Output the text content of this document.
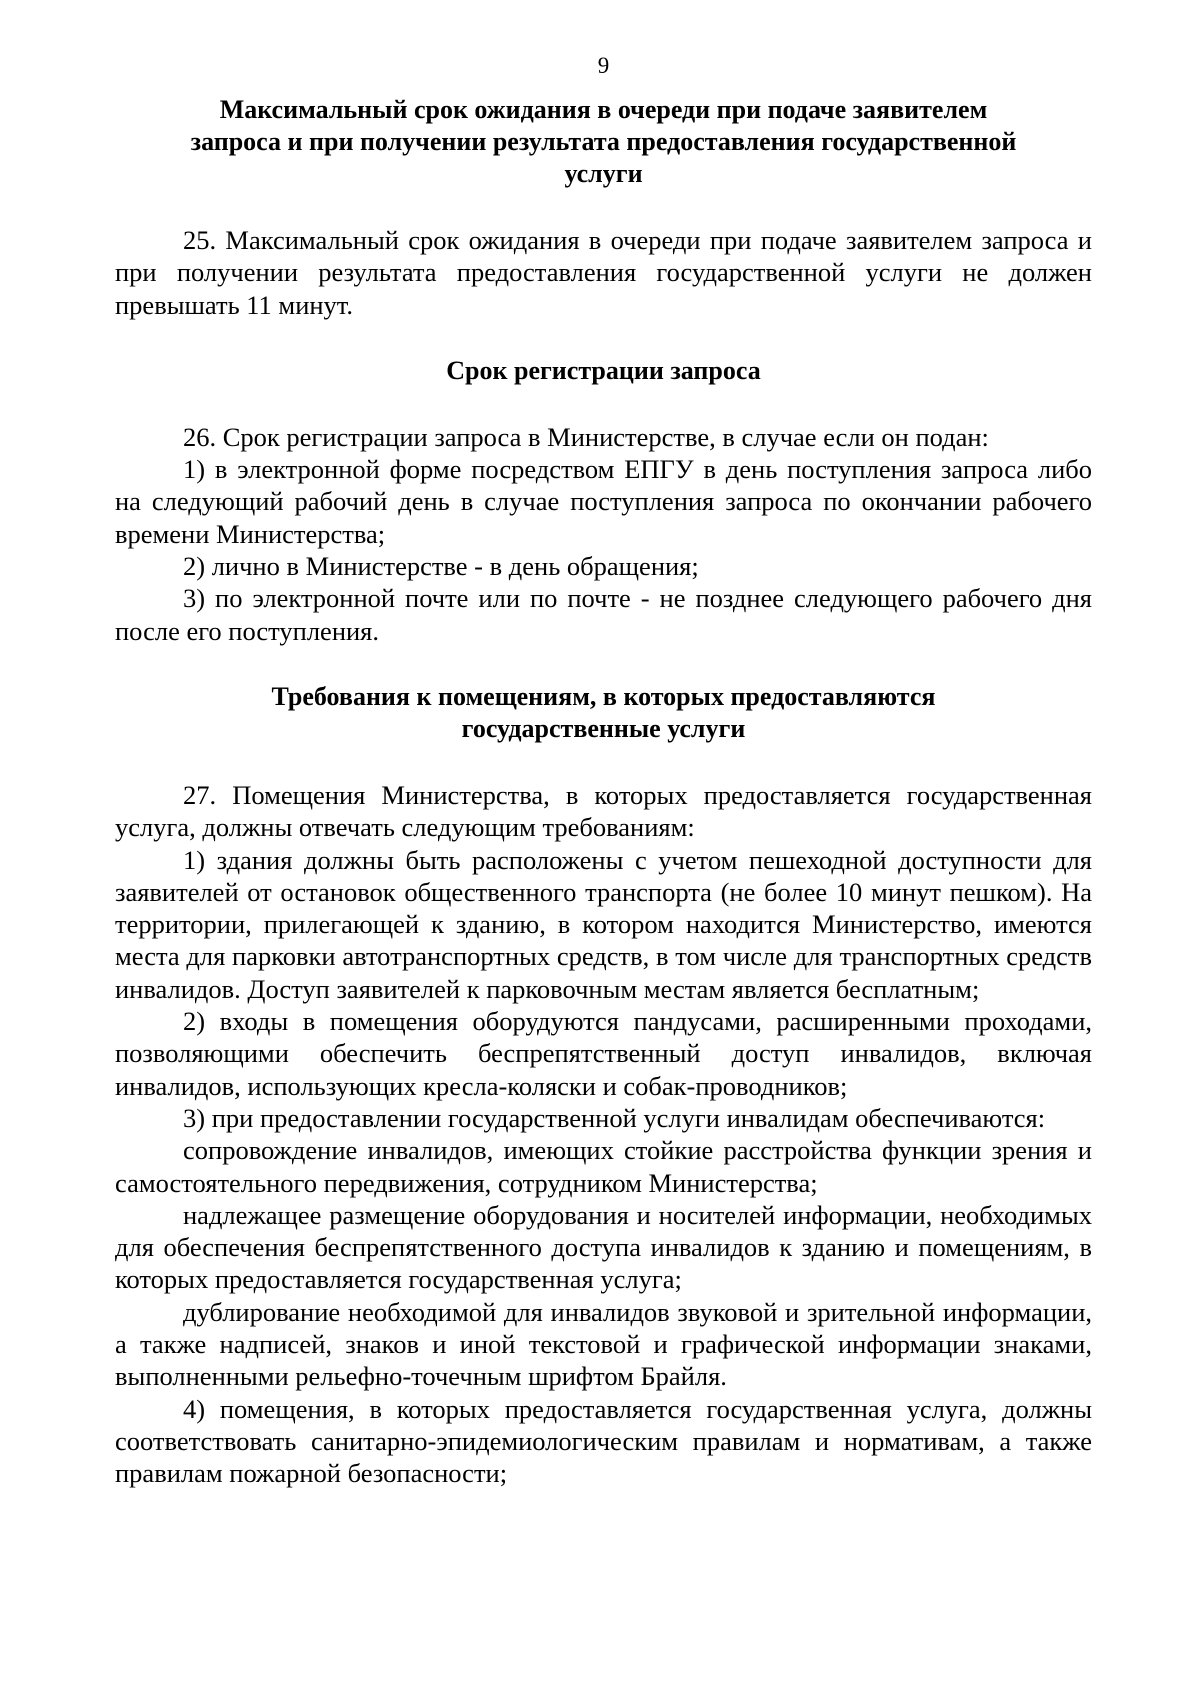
9
Максимальный срок ожидания в очереди при подаче заявителем
запроса и при получении результата предоставления государственной
услуги

25. Максимальный срок ожидания в очереди при подаче заявителем запроса и при получении результата предоставления государственной услуги не должен превышать 11 минут.

Срок регистрации запроса

26. Срок регистрации запроса в Министерстве, в случае если он подан:

1) в электронной форме посредством ЕПГУ в день поступления запроса либо на следующий рабочий день в случае поступления запроса по окончании рабочего времени Министерства;

2) лично в Министерстве - в день обращения;

3) по электронной почте или по почте - не позднее следующего рабочего дня после его поступления.

Требования к помещениям, в которых предоставляются
государственные услуги

27. Помещения Министерства, в которых предоставляется государственная услуга, должны отвечать следующим требованиям:

1) здания должны быть расположены с учетом пешеходной доступности для заявителей от остановок общественного транспорта (не более 10 минут пешком). На территории, прилегающей к зданию, в котором находится Министерство, имеются места для парковки автотранспортных средств, в том числе для транспортных средств инвалидов. Доступ заявителей к парковочным местам является бесплатным;

2) входы в помещения оборудуются пандусами, расширенными проходами, позволяющими обеспечить беспрепятственный доступ инвалидов, включая инвалидов, использующих кресла-коляски и собак-проводников;

3) при предоставлении государственной услуги инвалидам обеспечиваются:

сопровождение инвалидов, имеющих стойкие расстройства функции зрения и самостоятельного передвижения, сотрудником Министерства;

надлежащее размещение оборудования и носителей информации, необходимых для обеспечения беспрепятственного доступа инвалидов к зданию и помещениям, в которых предоставляется государственная услуга;

дублирование необходимой для инвалидов звуковой и зрительной информации, а также надписей, знаков и иной текстовой и графической информации знаками, выполненными рельефно-точечным шрифтом Брайля.

4) помещения, в которых предоставляется государственная услуга, должны соответствовать санитарно-эпидемиологическим правилам и нормативам, а также правилам пожарной безопасности;
